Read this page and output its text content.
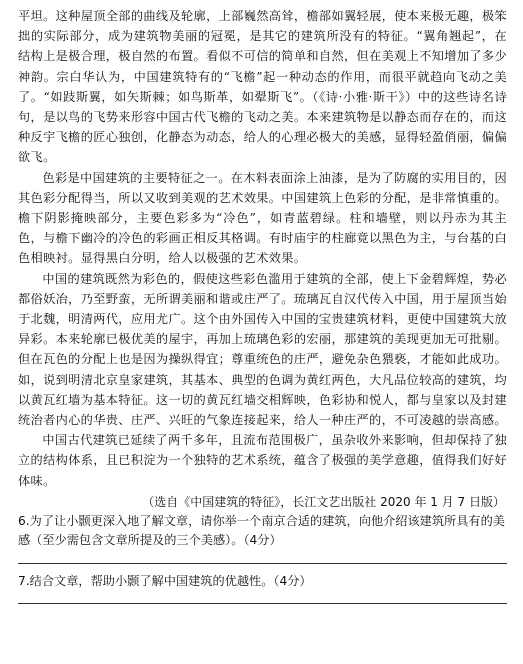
平坦。这种屋顶全部的曲线及轮廓，上部巍然高耸，檐部如翼轻展，使本来极无趣，极笨拙的实际部分，成为建筑物美丽的冠冕，是其它的建筑所没有的特征。“翼角翘起”，在结构上是极合理，极自然的布置。看似不可信的简单和自然，但在美观上不知增加了多少神韵。宗白华认为，中国建筑特有的“飞檐”起一种动态的作用，而很平就趋向飞动之美了。“如跂斯翼，如矢斯棘；如鸟斯革，如翚斯飞”。（《诗·小雅·斯干》）中的这些诗名诗句，是以鸟的飞势来形容中国古代飞檐的飞动之美。本来建筑物是以静态而存在的，而这种反宇飞檐的匠心独创，化静态为动态，给人的心理必极大的美感，显得轻盈俏丽，偏偏欲飞。

色彩是中国建筑的主要特征之一。在木料表面涂上油漆，是为了防腐的实用目的，因其色彩分配得当，所以又收到美观的艺术效果。中国建筑上色彩的分配，是非常慎重的。檐下阴影掩映部分，主要色彩多为“冷色”，如青蓝碧绿。柱和墙壁，则以丹赤为其主色，与檐下幽冷的冷色的彩画正相反其格调。有时庙宇的柱廊竟以黑色为主，与台基的白色相映衬。显得黑白分明，给人以极强的艺术效果。

中国的建筑既然为彩色的，假使这些彩色滥用于建筑的全部，使上下金碧辉煌，势必都俗妖冶，乃至野蛮，无所谓美丽和谐或庄严了。琉璃瓦自汉代传入中国，用于屋顶当始于北魏，明清两代，应用尤广。这个由外国传入中国的宝贵建筑材料，更使中国建筑大放异彩。本来轮廓已极优美的屋宇，再加上琉璃色彩的宏丽，那建筑的美现更加无可批剔。但在瓦色的分配上也是因为操纵得宜；尊重统色的庄严，避免杂色猥亵，才能如此成功。如，说到明清北京皇家建筑，其基本、典型的色调为黄红两色，大凡品位较高的建筑，均以黄瓦红墙为基本特征。这一切的黄瓦红墙交相辉映，色彩协和悦人，都与皇家以及封建统治者内心的华贵、庄严、兴旺的气象连接起来，给人一种庄严的，不可凌越的崇高感。

中国古代建筑已延续了两千多年，且流布范围极广，虽杂收外来影响，但却保持了独立的结构体系，且已积淀为一个独特的艺术系统，蕴含了极强的美学意趣，值得我们好好体味。

（选自《中国建筑的特征》，长江文艺出版社 2020 年 1 月 7 日版）

6.为了让小颢更深入地了解文章，请你举一个南京合适的建筑，向他介绍该建筑所具有的美感（至少需包含文章所提及的三个美感）。（4分）

7.结合文章，帮助小颢了解中国建筑的优越性。（4分）
